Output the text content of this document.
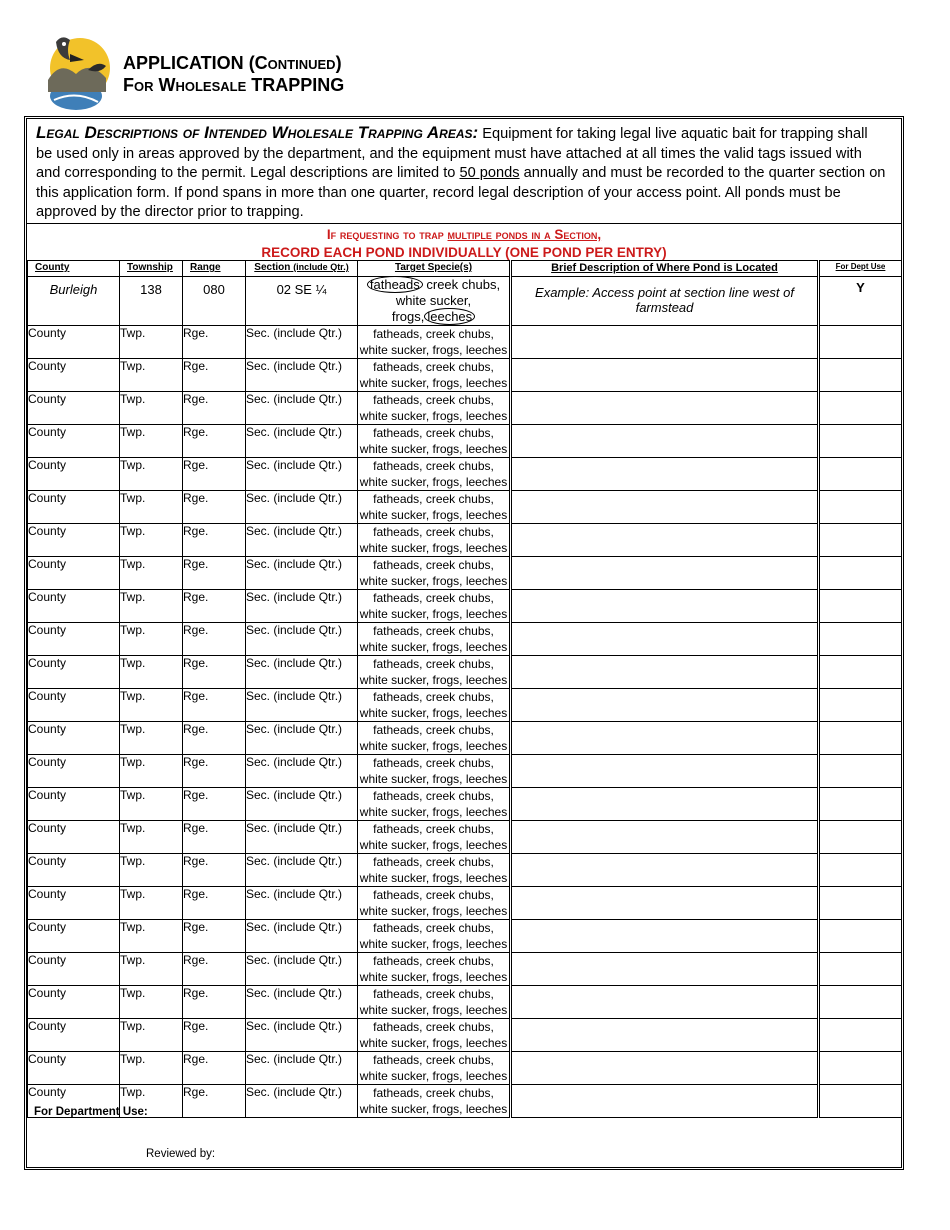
APPLICATION (Continued)
For Wholesale TRAPPING
Legal Descriptions of Intended Wholesale Trapping Areas: Equipment for taking legal live aquatic bait for trapping shall be used only in areas approved by the department, and the equipment must have attached at all times the valid tags issued with and corresponding to the permit. Legal descriptions are limited to 50 ponds annually and must be recorded to the quarter section on this application form. If pond spans in more than one quarter, record legal description of your access point. All ponds must be approved by the director prior to trapping.
If requesting to trap multiple ponds in a Section,
RECORD EACH POND INDIVIDUALLY (ONE POND PER ENTRY)
County	Township	Range	Section (include Qtr.)	Target Specie(s)	Brief Description of Where Pond is Located	For Dept Use
Burleigh	138	080	02 SE ¼	fatheads creek chubs,
white sucker, frogs, leeches	Example: Access point at section line west of farmstead	Y
County	Twp.	Rge.	Sec. (include Qtr.)	fatheads, creek chubs,
white sucker, frogs, leeches		

County	Twp.	Rge.	Sec. (include Qtr.)	fatheads, creek chubs,
white sucker, frogs, leeches		

County	Twp.	Rge.	Sec. (include Qtr.)	fatheads, creek chubs,
white sucker, frogs, leeches		

County	Twp.	Rge.	Sec. (include Qtr.)	fatheads, creek chubs,
white sucker, frogs, leeches		

County	Twp.	Rge.	Sec. (include Qtr.)	fatheads, creek chubs,
white sucker, frogs, leeches		

County	Twp.	Rge.	Sec. (include Qtr.)	fatheads, creek chubs,
white sucker, frogs, leeches		

County	Twp.	Rge.	Sec. (include Qtr.)	fatheads, creek chubs,
white sucker, frogs, leeches		

County	Twp.	Rge.	Sec. (include Qtr.)	fatheads, creek chubs,
white sucker, frogs, leeches		

County	Twp.	Rge.	Sec. (include Qtr.)	fatheads, creek chubs,
white sucker, frogs, leeches		

County	Twp.	Rge.	Sec. (include Qtr.)	fatheads, creek chubs,
white sucker, frogs, leeches		

County	Twp.	Rge.	Sec. (include Qtr.)	fatheads, creek chubs,
white sucker, frogs, leeches		

County	Twp.	Rge.	Sec. (include Qtr.)	fatheads, creek chubs,
white sucker, frogs, leeches		

County	Twp.	Rge.	Sec. (include Qtr.)	fatheads, creek chubs,
white sucker, frogs, leeches		

County	Twp.	Rge.	Sec. (include Qtr.)	fatheads, creek chubs,
white sucker, frogs, leeches		

County	Twp.	Rge.	Sec. (include Qtr.)	fatheads, creek chubs,
white sucker, frogs, leeches		

County	Twp.	Rge.	Sec. (include Qtr.)	fatheads, creek chubs,
white sucker, frogs, leeches		

County	Twp.	Rge.	Sec. (include Qtr.)	fatheads, creek chubs,
white sucker, frogs, leeches		

County	Twp.	Rge.	Sec. (include Qtr.)	fatheads, creek chubs,
white sucker, frogs, leeches		

County	Twp.	Rge.	Sec. (include Qtr.)	fatheads, creek chubs,
white sucker, frogs, leeches		

County	Twp.	Rge.	Sec. (include Qtr.)	fatheads, creek chubs,
white sucker, frogs, leeches		

County	Twp.	Rge.	Sec. (include Qtr.)	fatheads, creek chubs,
white sucker, frogs, leeches		

County	Twp.	Rge.	Sec. (include Qtr.)	fatheads, creek chubs,
white sucker, frogs, leeches		

County	Twp.	Rge.	Sec. (include Qtr.)	fatheads, creek chubs,
white sucker, frogs, leeches		

County	Twp.	Rge.	Sec. (include Qtr.)	fatheads, creek chubs,
white sucker, frogs, leeches		

For Department Use:
Reviewed by:
